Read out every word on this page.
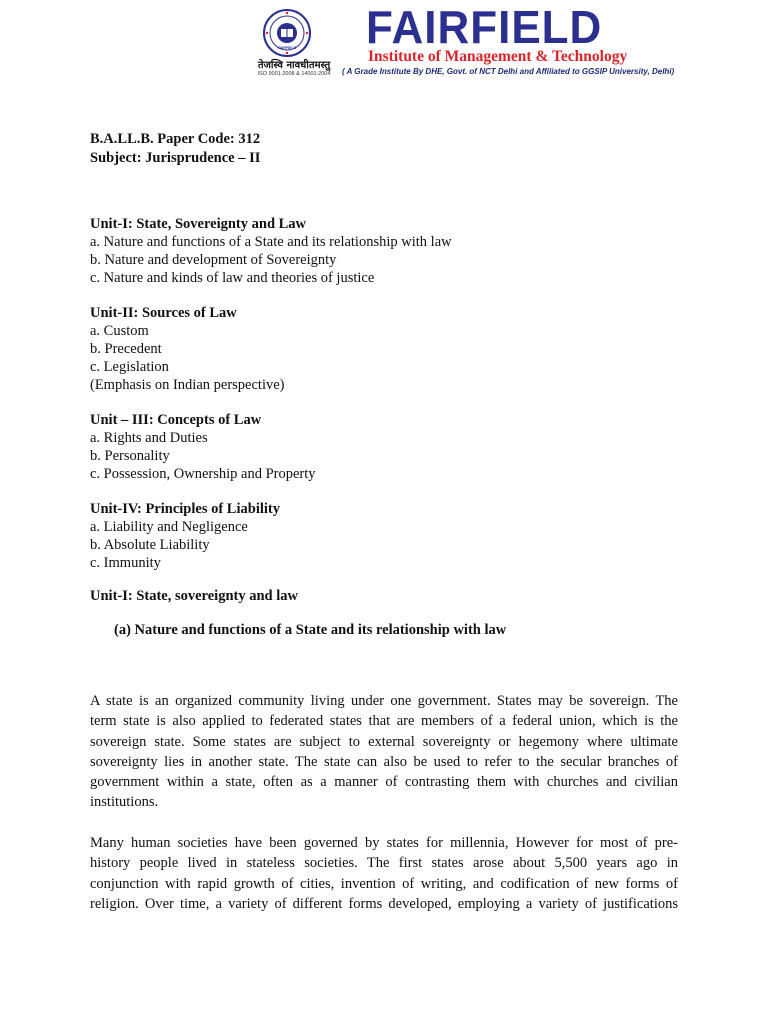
FAIRFIELD
तेजस्वि नावधीतमस्तु
ISO 9001:2008 & 14001:2004
FAIRFIELD
Institute of Management & Technology
( A Grade Institute By DHE, Govt. of NCT Delhi and Affiliated to GGSIP University, Delhi)
B.A.LL.B. Paper Code: 312
Subject: Jurisprudence – II
Unit-I: State, Sovereignty and Law
a. Nature and functions of a State and its relationship with law
b. Nature and development of Sovereignty
c. Nature and kinds of law and theories of justice
Unit-II: Sources of Law
a. Custom
b. Precedent
c. Legislation
(Emphasis on Indian perspective)
Unit – III: Concepts of Law
a. Rights and Duties
b. Personality
c. Possession, Ownership and Property
Unit-IV: Principles of Liability
a. Liability and Negligence
b. Absolute Liability
c. Immunity
Unit-I: State, sovereignty and law
(a) Nature and functions of a State and its relationship with law
A state is an organized community living under one government. States may be sovereign. The
term state is also applied to federated states that are members of a federal union, which is the
sovereign state. Some states are subject to external sovereignty or hegemony where ultimate
sovereignty lies in another state. The state can also be used to refer to the secular branches of
government within a state, often as a manner of contrasting them with churches and civilian
institutions.
Many human societies have been governed by states for millennia, However for most of pre-
history people lived in stateless societies. The first states arose about 5,500 years ago in
conjunction with rapid growth of cities, invention of writing, and codification of new forms of
religion. Over time, a variety of different forms developed, employing a variety of justifications
